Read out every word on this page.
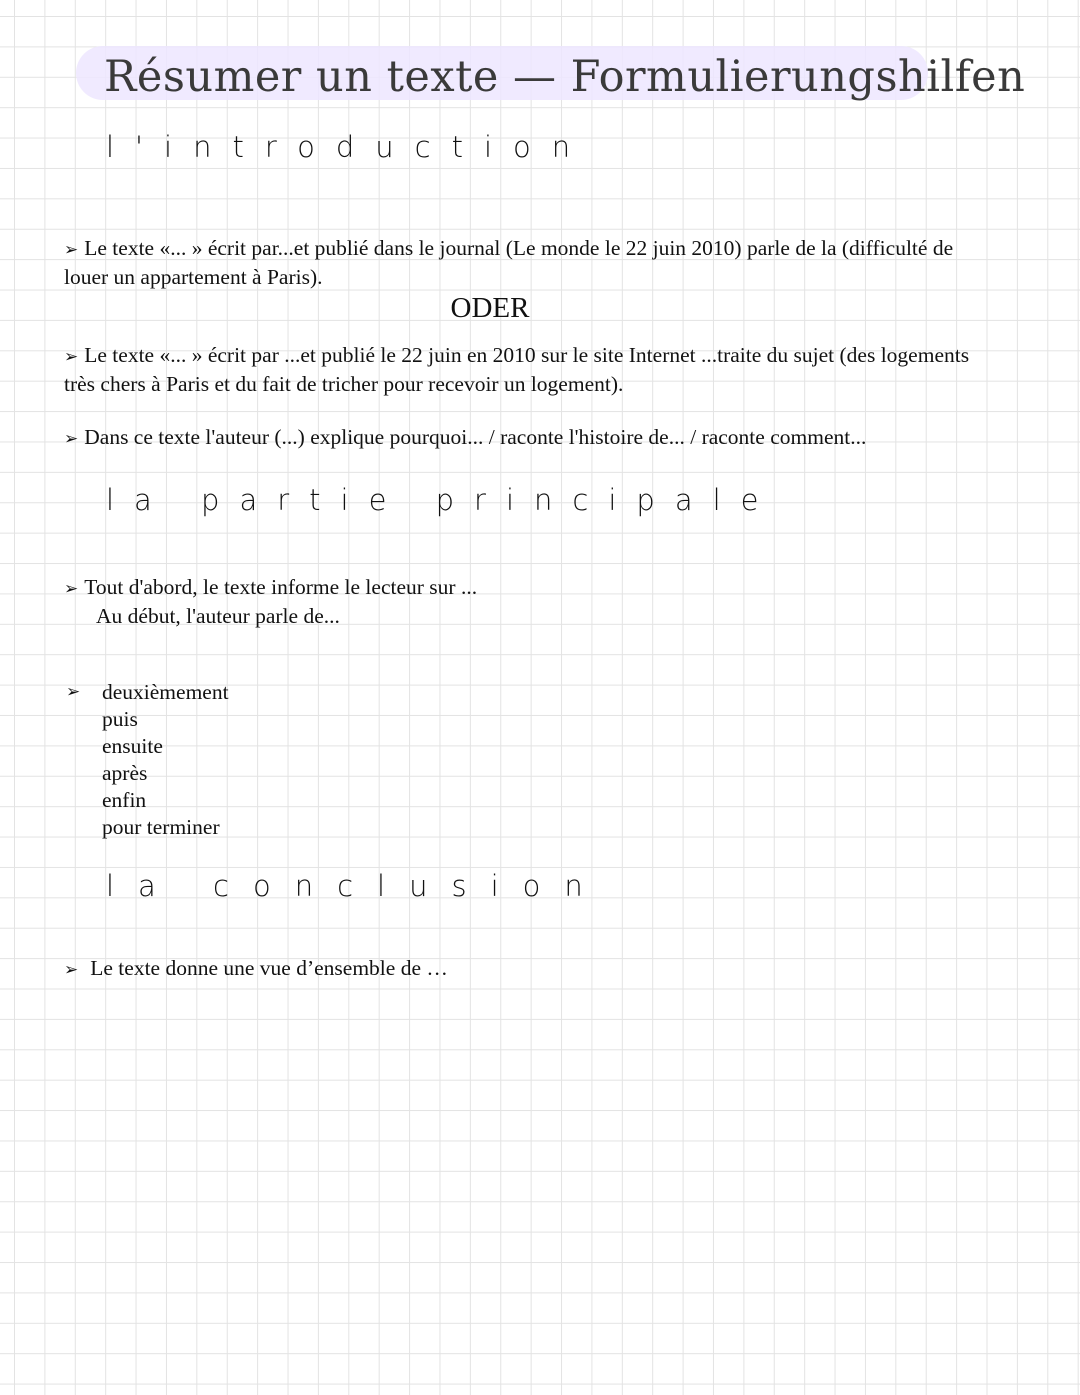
Résumer un texte — Formulierungshilfen
l'introduction
➢ Le texte «... » écrit par...et publié dans le journal (Le monde le 22 juin 2010) parle de la (difficulté de louer un appartement à Paris).
ODER
➢ Le texte «... » écrit par ...et publié le 22 juin en 2010 sur le site Internet ...traite du sujet (des logements très chers à Paris et du fait de tricher pour recevoir un logement).
➢ Dans ce texte l'auteur (...) explique pourquoi... / raconte l'histoire de... / raconte comment...
la partie principale
➢ Tout d'abord, le texte informe le lecteur sur ...
Au début, l'auteur parle de...
➢ deuxièmement
puis
ensuite
après
enfin
pour terminer
la conclusion
➢ Le texte donne une vue d’ensemble de …
